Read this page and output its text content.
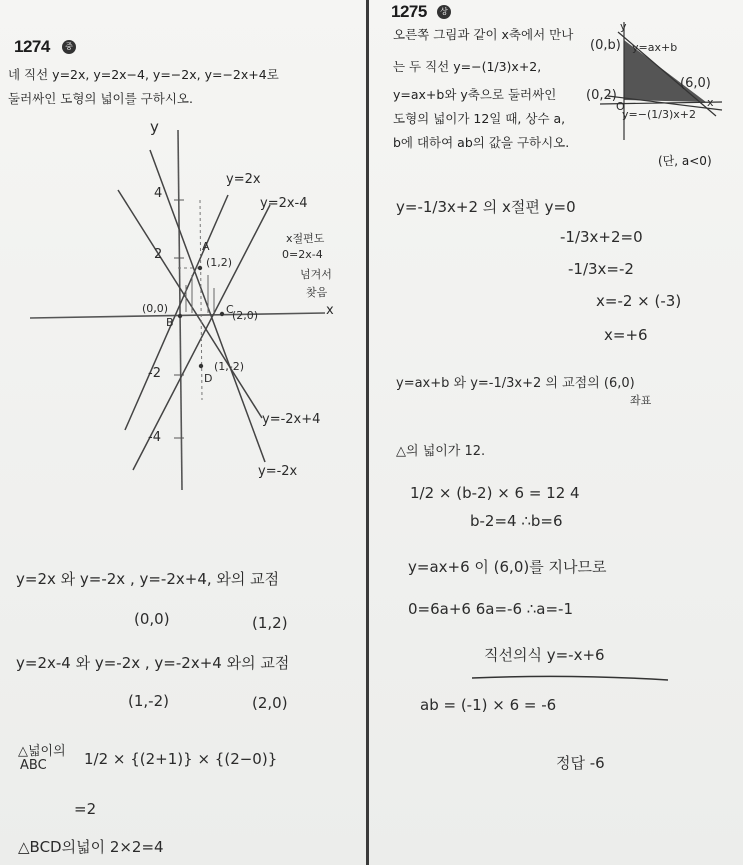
1274	중
네 직선 y=2x, y=2x−4, y=−2x, y=−2x+4로
둘러싸인 도형의 넓이를 구하시오.
y
x
4
2
-2
-4
y=2x
y=2x-4
y=-2x+4
y=-2x
A
(1,2)
B
(0,0)	C
(2,0)
D
(1,-2)
x절편도
0=2x-4
넘겨서
찾음
y=2x 와 y=-2x , y=-2x+4, 와의 교점
(0,0)	(1,2)
y=2x-4 와 y=-2x , y=-2x+4 와의 교점
(1,-2)	(2,0)
△넓이의
ABC 1/2 × {(2+1)} × {(2−0)}
=2
△BCD의넓이 2×2=4
1275	상
오른쪽 그림과 같이 x축에서 만나
는 두 직선 y=−(1/3)x+2,
y=ax+b와 y축으로 둘러싸인
도형의 넓이가 12일 때, 상수 a,
b에 대하여 ab의 값을 구하시오.
(단, a<0)
y
x
O
y=ax+b
y=−(1/3)x+2
(0,b)
(0,2)
(6,0)
y=-1/3x+2 의 x절편 y=0
-1/3x+2=0
-1/3x=-2
x=-2 × (-3)
x=+6
y=ax+b 와 y=-1/3x+2 의 교점의 (6,0)
좌표
△의 넓이가 12.
1/2 × (b-2) × 6 = 12 4
b-2=4 ∴b=6
y=ax+6 이 (6,0)를 지나므로
0=6a+6 6a=-6 ∴a=-1
직선의식 y=-x+6
ab = (-1) × 6 = -6
정답 -6
